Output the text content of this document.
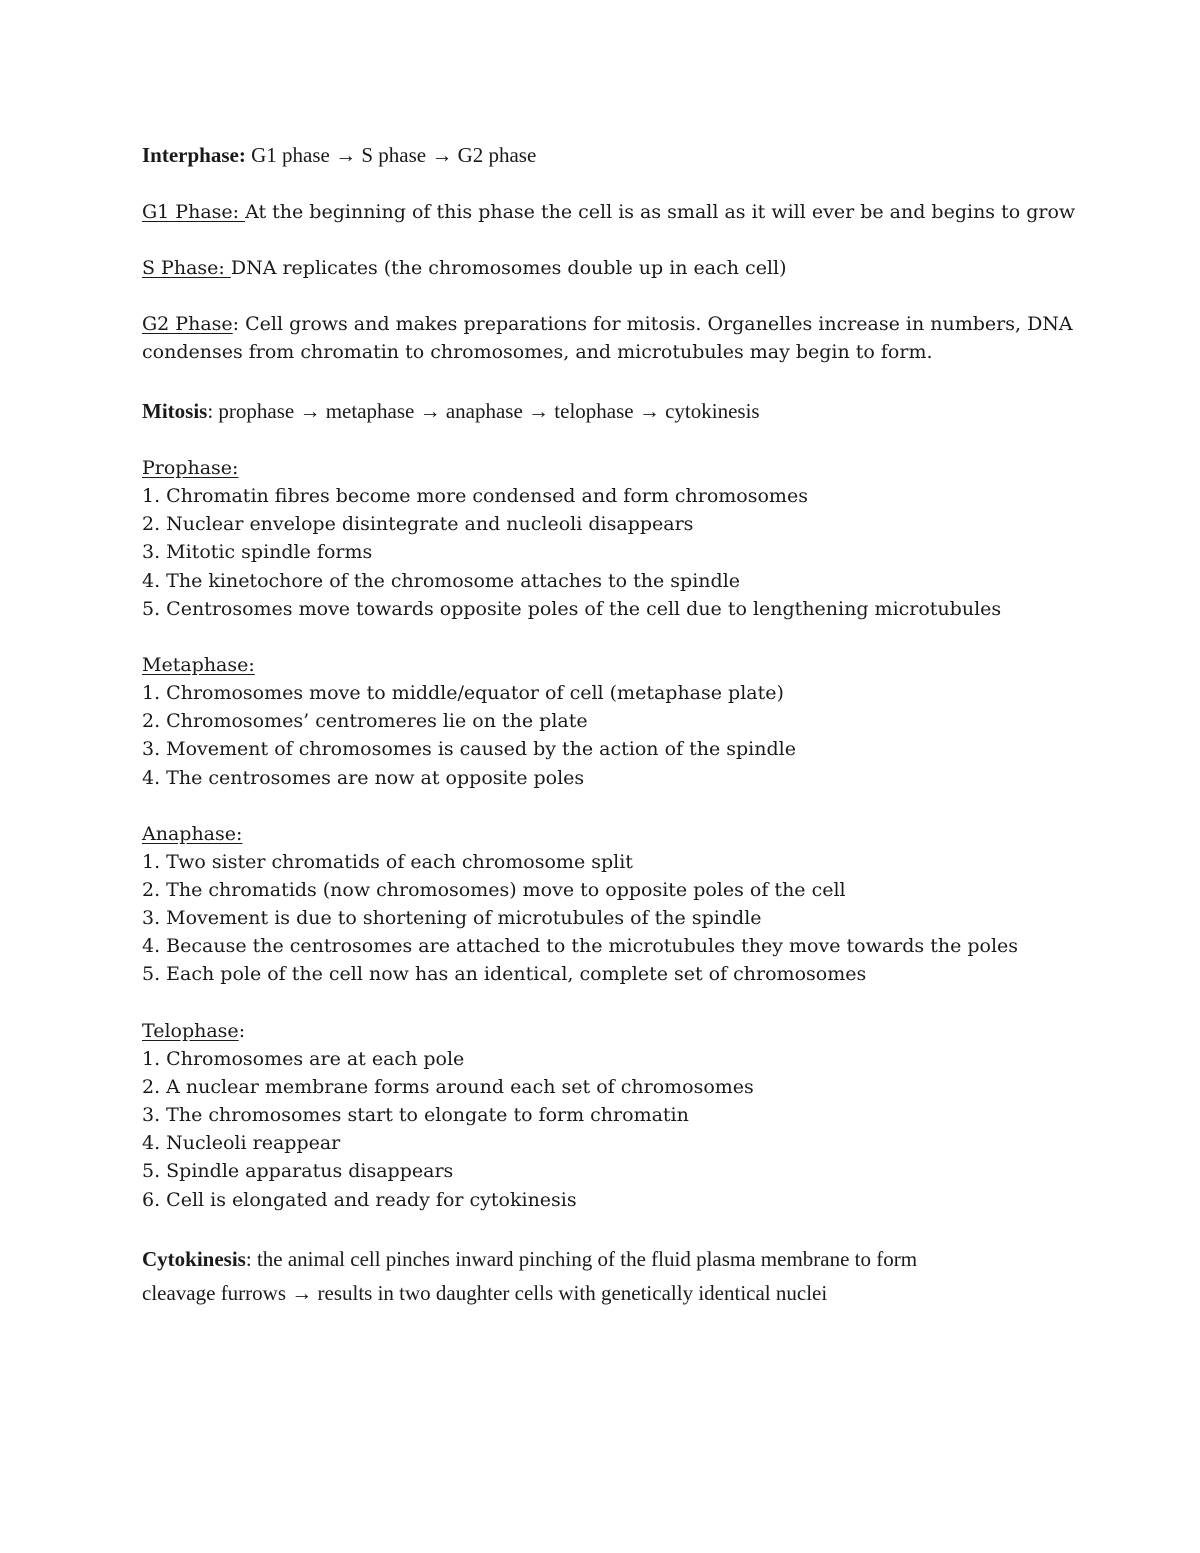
Interphase: G1 phase → S phase → G2 phase
G1 Phase: At the beginning of this phase the cell is as small as it will ever be and begins to grow
S Phase: DNA replicates (the chromosomes double up in each cell)
G2 Phase: Cell grows and makes preparations for mitosis. Organelles increase in numbers, DNA
condenses from chromatin to chromosomes, and microtubules may begin to form.
Mitosis: prophase → metaphase → anaphase → telophase → cytokinesis
Prophase:
1. Chromatin fibres become more condensed and form chromosomes
2. Nuclear envelope disintegrate and nucleoli disappears
3. Mitotic spindle forms
4. The kinetochore of the chromosome attaches to the spindle
5. Centrosomes move towards opposite poles of the cell due to lengthening microtubules
Metaphase:
1. Chromosomes move to middle/equator of cell (metaphase plate)
2. Chromosomes’ centromeres lie on the plate
3. Movement of chromosomes is caused by the action of the spindle
4. The centrosomes are now at opposite poles
Anaphase:
1. Two sister chromatids of each chromosome split
2. The chromatids (now chromosomes) move to opposite poles of the cell
3. Movement is due to shortening of microtubules of the spindle
4. Because the centrosomes are attached to the microtubules they move towards the poles
5. Each pole of the cell now has an identical, complete set of chromosomes
Telophase:
1. Chromosomes are at each pole
2. A nuclear membrane forms around each set of chromosomes
3. The chromosomes start to elongate to form chromatin
4. Nucleoli reappear
5. Spindle apparatus disappears
6. Cell is elongated and ready for cytokinesis
Cytokinesis: the animal cell pinches inward pinching of the fluid plasma membrane to form
cleavage furrows → results in two daughter cells with genetically identical nuclei
